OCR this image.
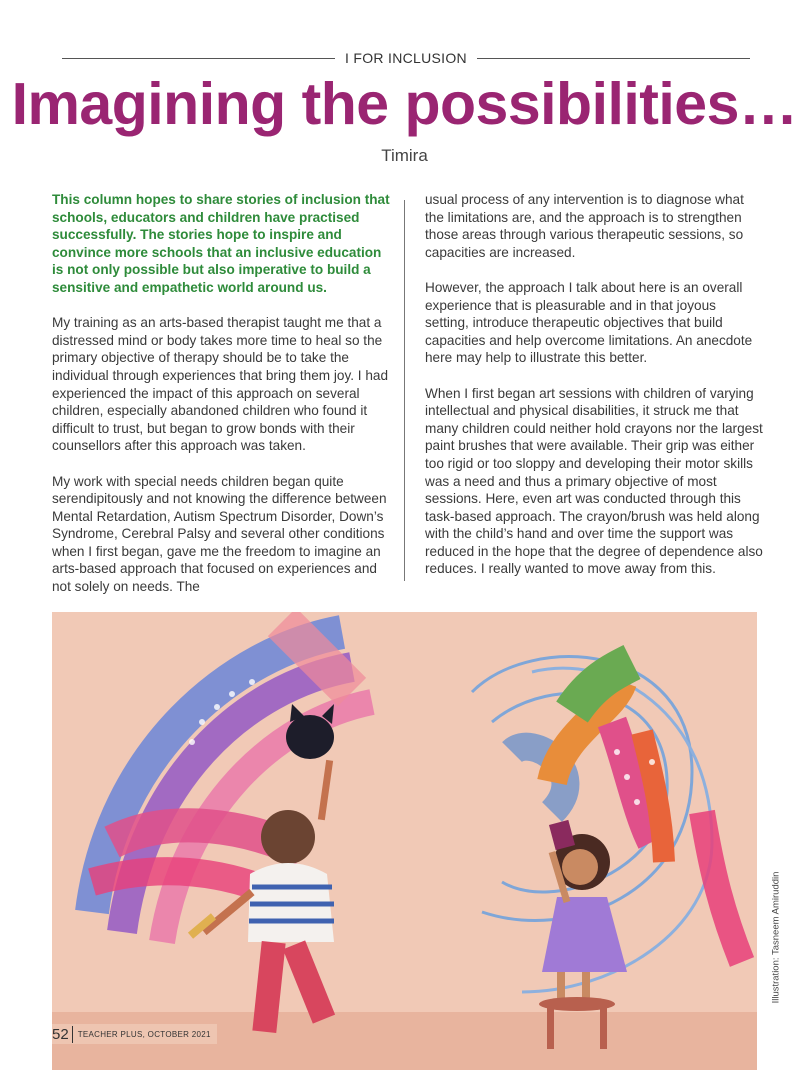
I FOR INCLUSION
Imagining the possibilities…
Timira

This column hopes to share stories of inclusion that schools, educators and children have practised successfully. The stories hope to inspire and convince more schools that an inclusive education is not only possible but also imperative to build a sensitive and empathetic world around us.

My training as an arts-based therapist taught me that a distressed mind or body takes more time to heal so the primary objective of therapy should be to take the individual through experiences that bring them joy. I had experienced the impact of this approach on several children, especially abandoned children who found it difficult to trust, but began to grow bonds with their counsellors after this approach was taken.

My work with special needs children began quite serendipitously and not knowing the difference between Mental Retardation, Autism Spectrum Disorder, Down’s Syndrome, Cerebral Palsy and several other conditions when I first began, gave me the freedom to imagine an arts-based approach that focused on experiences and not solely on needs. The

usual process of any intervention is to diagnose what the limitations are, and the approach is to strengthen those areas through various therapeutic sessions, so capacities are increased.

However, the approach I talk about here is an overall experience that is pleasurable and in that joyous setting, introduce therapeutic objectives that build capacities and help overcome limitations. An anecdote here may help to illustrate this better.

When I first began art sessions with children of varying intellectual and physical disabilities, it struck me that many children could neither hold crayons nor the largest paint brushes that were available. Their grip was either too rigid or too sloppy and developing their motor skills was a need and thus a primary objective of most sessions. Here, even art was conducted through this task-based approach. The crayon/brush was held along with the child’s hand and over time the support was reduced in the hope that the degree of dependence also reduces. I really wanted to move away from this.

Illustration: Tasneem Amiruddin
52 TEACHER PLUS, OCTOBER 2021
